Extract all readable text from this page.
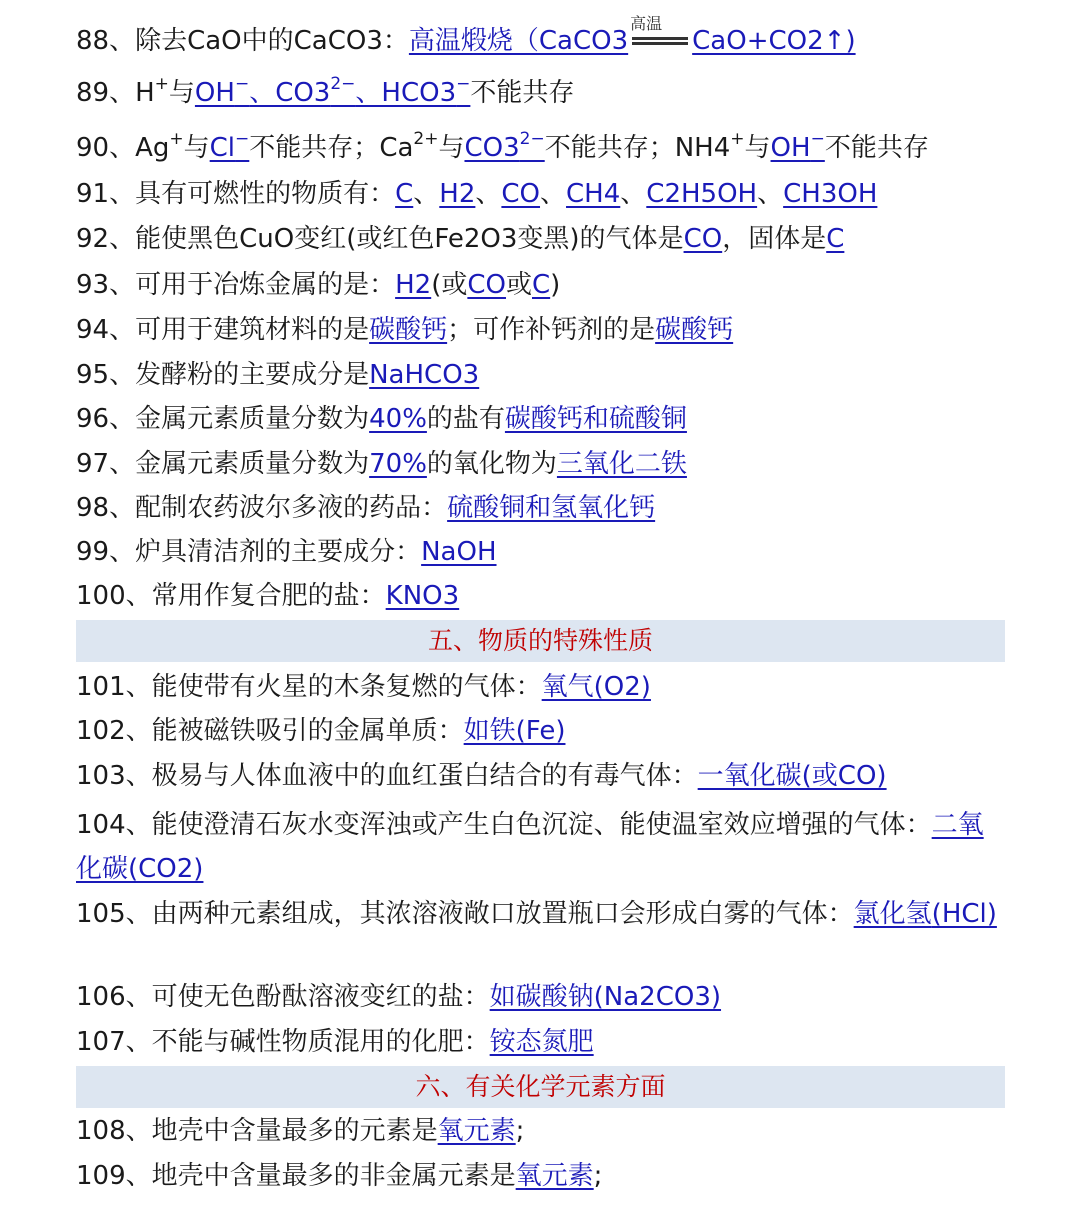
88、除去CaO中的CaCO3：高温煅烧（CaCO3
高温
CaO+CO2↑)
89、H+与OH−、$CO3^{2-}$、HCO3−不能共存
90、Ag+与Cl−不能共存；$Ca^{2+}$与$CO3^{2-}$不能共存；NH4+与OH−不能共存
91、具有可燃性的物质有：C、H2、CO、CH4、C2H5OH、CH3OH
92、能使黑色CuO变红(或红色Fe2O3变黑)的气体是CO，固体是C
93、可用于冶炼金属的是：H2(或CO或C)
94、可用于建筑材料的是碳酸钙；可作补钙剂的是碳酸钙
95、发酵粉的主要成分是NaHCO3
96、金属元素质量分数为40%的盐有碳酸钙和硫酸铜
97、金属元素质量分数为70%的氧化物为三氧化二铁
98、配制农药波尔多液的药品：硫酸铜和氢氧化钙
99、炉具清洁剂的主要成分：NaOH
100、常用作复合肥的盐：KNO3
五、物质的特殊性质
101、能使带有火星的木条复燃的气体：氧气(O2)
102、能被磁铁吸引的金属单质：如铁(Fe)
103、极易与人体血液中的血红蛋白结合的有毒气体：一氧化碳(或CO)
104、能使澄清石灰水变浑浊或产生白色沉淀、能使温室效应增强的气体：二氧化碳(CO2)
105、由两种元素组成，其浓溶液敞口放置瓶口会形成白雾的气体：氯化氢(HCl)
106、可使无色酚酞溶液变红的盐：如碳酸钠(Na2CO3)
107、不能与碱性物质混用的化肥：铵态氮肥
六、有关化学元素方面
108、地壳中含量最多的元素是氧元素;
109、地壳中含量最多的非金属元素是氧元素;
